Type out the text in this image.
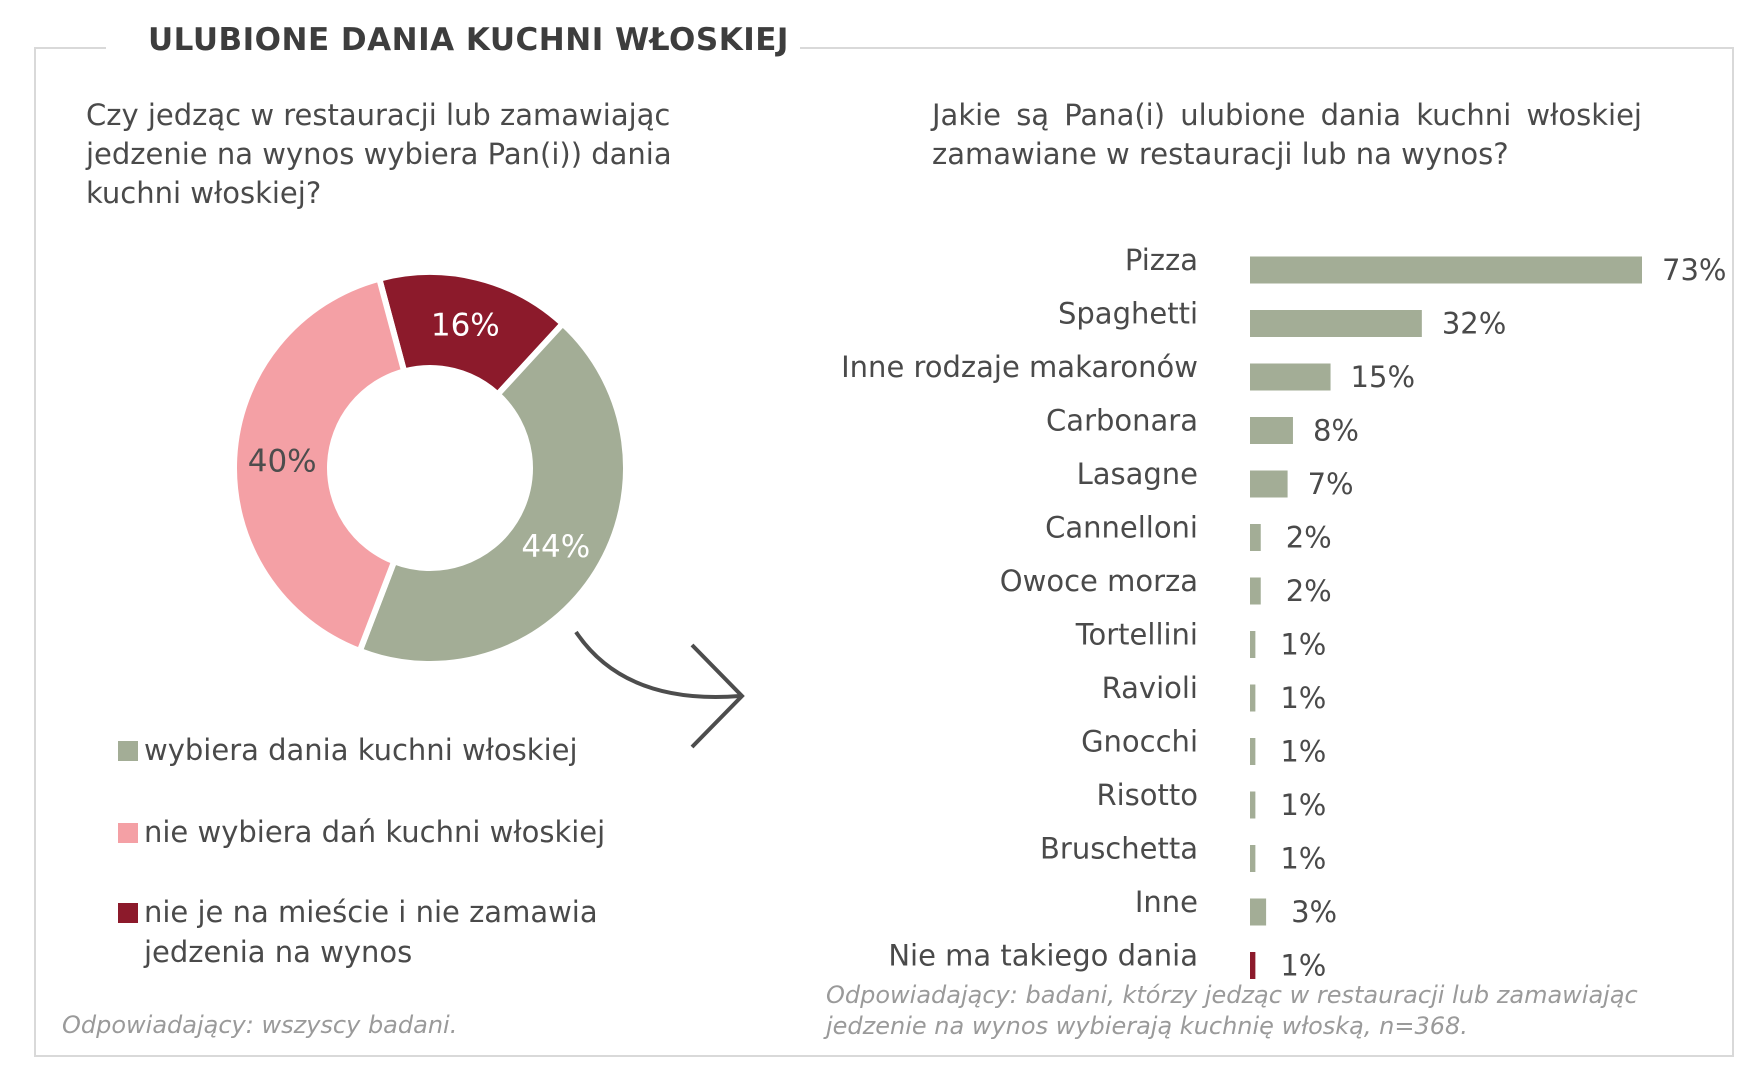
ULUBIONE DANIA KUCHNI WŁOSKIEJ
Czy jedząc w restauracji lub zamawiając jedzenie na wynos wybiera Pan(i)) dania kuchni włoskiej?
Jakie są Pana(i) ulubione dania kuchni włoskiej zamawiane w restauracji lub na wynos?
16%
44%
40%
wybiera dania kuchni włoskiej
nie wybiera dań kuchni włoskiej
nie je na mieście i nie zamawia jedzenia na wynos
Odpowiadający: wszyscy badani.
Odpowiadający: badani, którzy jedząc w restauracji lub zamawiając jedzenie na wynos wybierają kuchnię włoską, n=368.
Pizza	73%
Spaghetti	32%
Inne rodzaje makaronów	15%
Carbonara	8%
Lasagne	7%
Cannelloni	2%
Owoce morza	2%
Tortellini	1%
Ravioli	1%
Gnocchi	1%
Risotto	1%
Bruschetta	1%
Inne	3%
Nie ma takiego dania	1%
